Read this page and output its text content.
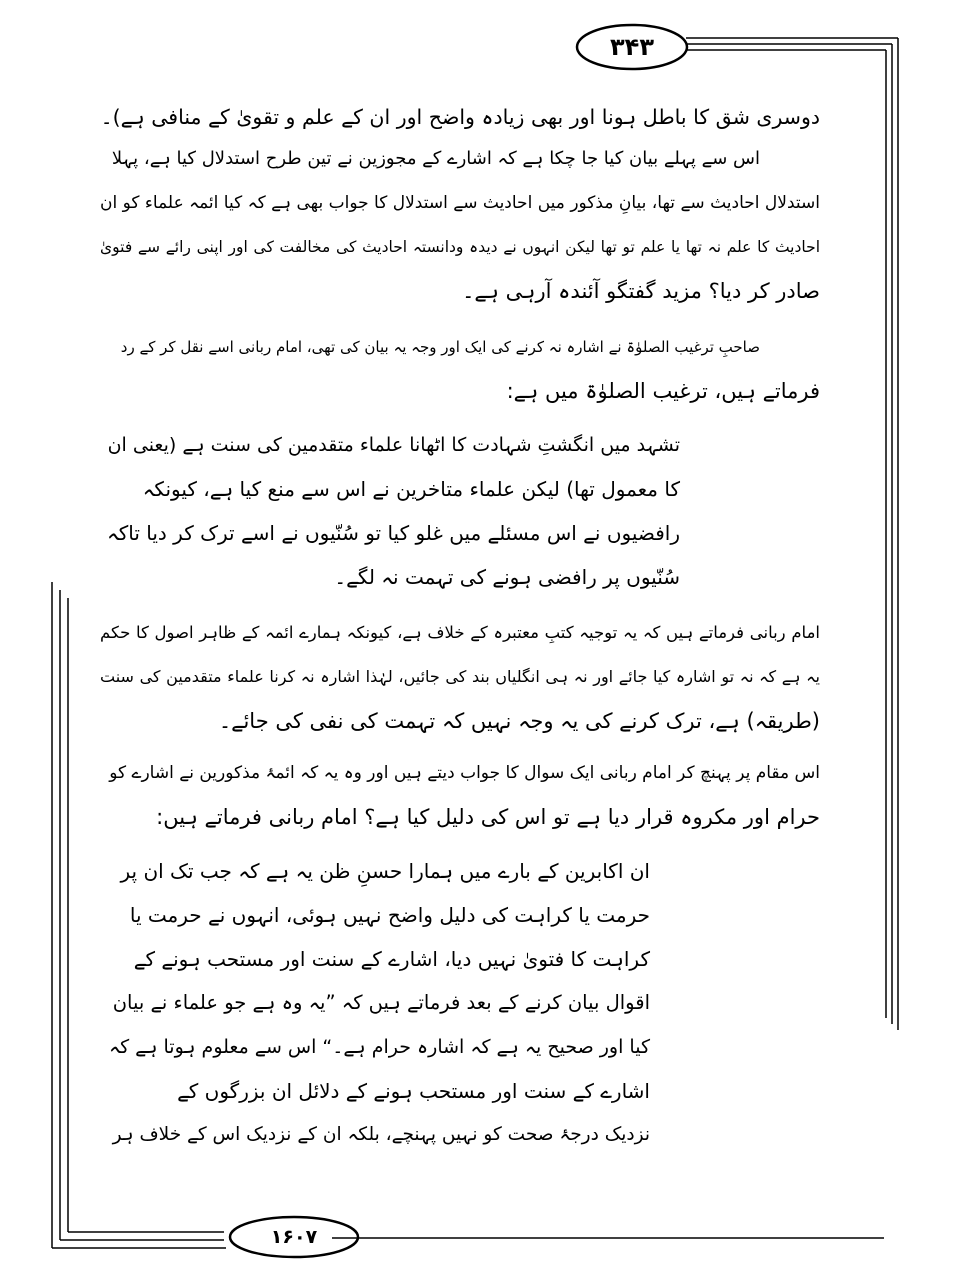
۳۴۳
۱۶۰۷
دوسری شق کا باطل ہونا اور بھی زیادہ واضح اور ان کے علم و تقویٰ کے منافی ہے)۔
اس سے پہلے بیان کیا جا چکا ہے کہ اشارے کے مجوزین نے تین طرح استدلال کیا ہے، پہلا
استدلال احادیث سے تھا، بیانِ مذکور میں احادیث سے استدلال کا جواب بھی ہے کہ کیا ائمہ علماء کو ان
احادیث کا علم نہ تھا یا علم تو تھا لیکن انہوں نے دیدہ ودانستہ احادیث کی مخالفت کی اور اپنی رائے سے فتویٰ
صادر کر دیا؟ مزید گفتگو آئندہ آرہی ہے۔
صاحبِ ترغیب الصلوٰۃ نے اشارہ نہ کرنے کی ایک اور وجہ یہ بیان کی تھی، امام ربانی اسے نقل کر کے رد
فرماتے ہیں، ترغیب الصلوٰۃ میں ہے:
تشہد میں انگشتِ شہادت کا اٹھانا علماء متقدمین کی سنت ہے (یعنی ان
کا معمول تھا) لیکن علماء متاخرین نے اس سے منع کیا ہے، کیونکہ
رافضیوں نے اس مسئلے میں غلو کیا تو سُنّیوں نے اسے ترک کر دیا تاکہ
سُنّیوں پر رافضی ہونے کی تہمت نہ لگے۔
امام ربانی فرماتے ہیں کہ یہ توجیہ کتبِ معتبرہ کے خلاف ہے، کیونکہ ہمارے ائمہ کے ظاہر اصول کا حکم
یہ ہے کہ نہ تو اشارہ کیا جائے اور نہ ہی انگلیاں بند کی جائیں، لہٰذا اشارہ نہ کرنا علماء متقدمین کی سنت
(طریقہ) ہے، ترک کرنے کی یہ وجہ نہیں کہ تہمت کی نفی کی جائے۔
اس مقام پر پہنچ کر امام ربانی ایک سوال کا جواب دیتے ہیں اور وہ یہ کہ ائمۂ مذکورین نے اشارے کو
حرام اور مکروہ قرار دیا ہے تو اس کی دلیل کیا ہے؟ امام ربانی فرماتے ہیں:
ان اکابرین کے بارے میں ہمارا حسنِ ظن یہ ہے کہ جب تک ان پر
حرمت یا کراہت کی دلیل واضح نہیں ہوئی، انہوں نے حرمت یا
کراہت کا فتویٰ نہیں دیا، اشارے کے سنت اور مستحب ہونے کے
اقوال بیان کرنے کے بعد فرماتے ہیں کہ ”یہ وہ ہے جو علماء نے بیان
کیا اور صحیح یہ ہے کہ اشارہ حرام ہے۔“ اس سے معلوم ہوتا ہے کہ
اشارے کے سنت اور مستحب ہونے کے دلائل ان بزرگوں کے
نزدیک درجۂ صحت کو نہیں پہنچے، بلکہ ان کے نزدیک اس کے خلاف ہر
